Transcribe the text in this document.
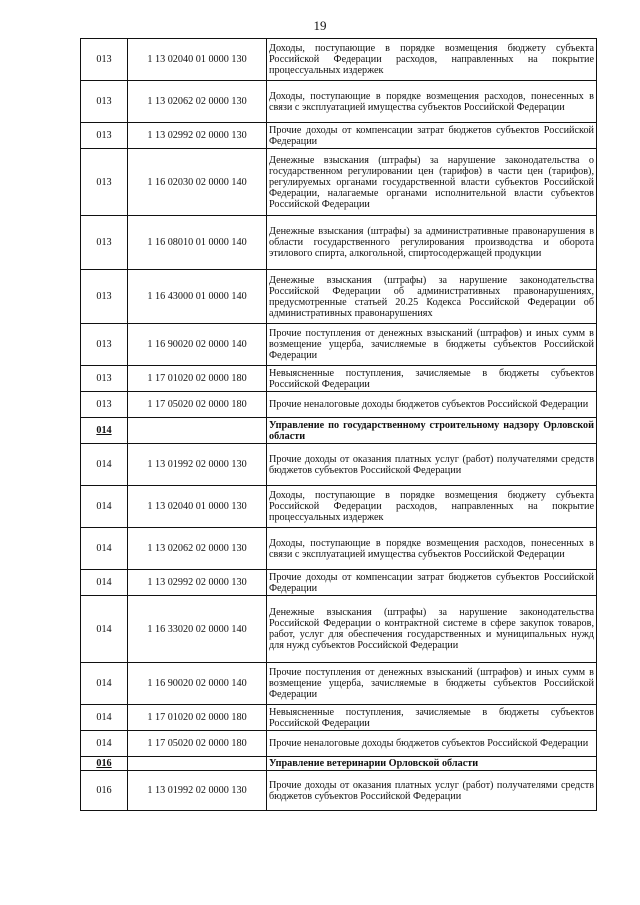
19
013	1 13 02040 01 0000 130	Доходы, поступающие в порядке возмещения бюджету субъекта Российской Федерации расходов, направленных на покрытие процессуальных издержек
013	1 13 02062 02 0000 130	Доходы, поступающие в порядке возмещения расходов, понесенных в связи с эксплуатацией имущества субъектов Российской Федерации
013	1 13 02992 02 0000 130	Прочие доходы от компенсации затрат бюджетов субъектов Российской Федерации
013	1 16 02030 02 0000 140	Денежные взыскания (штрафы) за нарушение законодательства о государственном регулировании цен (тарифов) в части цен (тарифов), регулируемых органами государственной власти субъектов Российской Федерации, налагаемые органами исполнительной власти субъектов Российской Федерации
013	1 16 08010 01 0000 140	Денежные взыскания (штрафы) за административные правонарушения в области государственного регулирования производства и оборота этилового спирта, алкогольной, спиртосодержащей продукции
013	1 16 43000 01 0000 140	Денежные взыскания (штрафы) за нарушение законодательства Российской Федерации об административных правонарушениях, предусмотренные статьей 20.25 Кодекса Российской Федерации об административных правонарушениях
013	1 16 90020 02 0000 140	Прочие поступления от денежных взысканий (штрафов) и иных сумм в возмещение ущерба, зачисляемые в бюджеты субъектов Российской Федерации
013	1 17 01020 02 0000 180	Невыясненные поступления, зачисляемые в бюджеты субъектов Российской Федерации
013	1 17 05020 02 0000 180	Прочие неналоговые доходы бюджетов субъектов Российской Федерации
014		Управление по государственному строительному надзору Орловской области
014	1 13 01992 02 0000 130	Прочие доходы от оказания платных услуг (работ) получателями средств бюджетов субъектов Российской Федерации
014	1 13 02040 01 0000 130	Доходы, поступающие в порядке возмещения бюджету субъекта Российской Федерации расходов, направленных на покрытие процессуальных издержек
014	1 13 02062 02 0000 130	Доходы, поступающие в порядке возмещения расходов, понесенных в связи с эксплуатацией имущества субъектов Российской Федерации
014	1 13 02992 02 0000 130	Прочие доходы от компенсации затрат бюджетов субъектов Российской Федерации
014	1 16 33020 02 0000 140	Денежные взыскания (штрафы) за нарушение законодательства Российской Федерации о контрактной системе в сфере закупок товаров, работ, услуг для обеспечения государственных и муниципальных нужд для нужд субъектов Российской Федерации
014	1 16 90020 02 0000 140	Прочие поступления от денежных взысканий (штрафов) и иных сумм в возмещение ущерба, зачисляемые в бюджеты субъектов Российской Федерации
014	1 17 01020 02 0000 180	Невыясненные поступления, зачисляемые в бюджеты субъектов Российской Федерации
014	1 17 05020 02 0000 180	Прочие неналоговые доходы бюджетов субъектов Российской Федерации
016		Управление ветеринарии Орловской области
016	1 13 01992 02 0000 130	Прочие доходы от оказания платных услуг (работ) получателями средств бюджетов субъектов Российской Федерации
